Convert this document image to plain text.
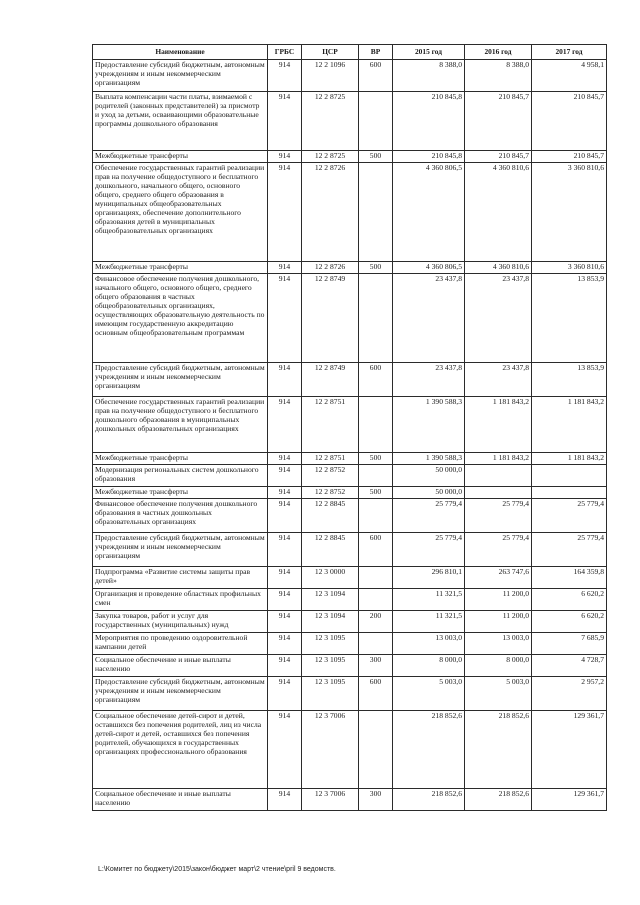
Наименование	ГРБС	ЦСР	ВР	2015 год	2016 год	2017 год
Предоставление субсидий бюджетным, автономным учреждениям и иным некоммерческим организациям	914	12 2 1096	600	8 388,0	8 388,0	4 958,1
Выплата компенсации части платы, взимаемой с родителей (законных представителей) за присмотр и уход за детьми, осваивающими образовательные программы дошкольного образования	914	12 2 8725		210 845,8	210 845,7	210 845,7
Межбюджетные трансферты	914	12 2 8725	500	210 845,8	210 845,7	210 845,7
Обеспечение государственных гарантий реализации прав на получение общедоступного и бесплатного дошкольного, начального общего, основного общего, среднего общего образования в муниципальных общеобразовательных организациях, обеспечение дополнительного образования детей в муниципальных общеобразовательных организациях	914	12 2 8726		4 360 806,5	4 360 810,6	3 360 810,6
Межбюджетные трансферты	914	12 2 8726	500	4 360 806,5	4 360 810,6	3 360 810,6
Финансовое обеспечение получения дошкольного, начального общего, основного общего, среднего общего образования в частных общеобразовательных организациях, осуществляющих образовательную деятельность по имеющим государственную аккредитацию основным общеобразовательным программам	914	12 2 8749		23 437,8	23 437,8	13 853,9
Предоставление субсидий бюджетным, автономным учреждениям и иным некоммерческим организациям	914	12 2 8749	600	23 437,8	23 437,8	13 853,9
Обеспечение государственных гарантий реализации прав на получение общедоступного и бесплатного дошкольного образования в муниципальных дошкольных образовательных организациях	914	12 2 8751		1 390 588,3	1 181 843,2	1 181 843,2
Межбюджетные трансферты	914	12 2 8751	500	1 390 588,3	1 181 843,2	1 181 843,2
Модернизация региональных систем дошкольного образования	914	12 2 8752		50 000,0		
Межбюджетные трансферты	914	12 2 8752	500	50 000,0		
Финансовое обеспечение получения дошкольного образования в частных дошкольных образовательных организациях	914	12 2 8845		25 779,4	25 779,4	25 779,4
Предоставление субсидий бюджетным, автономным учреждениям и иным некоммерческим организациям	914	12 2 8845	600	25 779,4	25 779,4	25 779,4
Подпрограмма «Развитие системы защиты прав детей»	914	12 3 0000		296 810,1	263 747,6	164 359,8
Организация и проведение областных профильных смен	914	12 3 1094		11 321,5	11 200,0	6 620,2
Закупка товаров, работ и услуг для государственных (муниципальных) нужд	914	12 3 1094	200	11 321,5	11 200,0	6 620,2
Мероприятия по проведению оздоровительной кампании детей	914	12 3 1095		13 003,0	13 003,0	7 685,9
Социальное обеспечение и иные выплаты населению	914	12 3 1095	300	8 000,0	8 000,0	4 728,7
Предоставление субсидий бюджетным, автономным учреждениям и иным некоммерческим организациям	914	12 3 1095	600	5 003,0	5 003,0	2 957,2
Социальное обеспечение детей-сирот и детей, оставшихся без попечения родителей, лиц из числа детей-сирот и детей, оставшихся без попечения родителей, обучающихся в государственных организациях профессионального образования	914	12 3 7006		218 852,6	218 852,6	129 361,7
Социальное обеспечение и иные выплаты населению	914	12 3 7006	300	218 852,6	218 852,6	129 361,7
L:\Комитет по бюджету\2015\закон\бюджет март\2 чтение\pril 9 ведомств.
